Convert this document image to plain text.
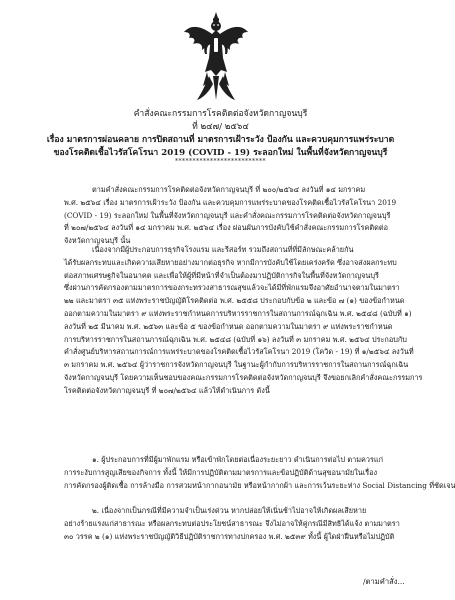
คำสั่งคณะกรรมการโรคติดต่อจังหวัดกาญจนบุรี
ที่ ๒๔๗/ ๒๕๖๔
เรื่อง มาตรการผ่อนคลาย การปิดสถานที่ มาตรการเฝ้าระวัง ป้องกัน และควบคุมการแพร่ระบาด
ของโรคติดเชื้อไวรัสโคโรนา 2019 (COVID - 19) ระลอกใหม่ ในพื้นที่จังหวัดกาญจนบุรี
**************************
ตามคำสั่งคณะกรรมการโรคติดต่อจังหวัดกาญจนบุรี ที่ ๒๐๐/๒๕๖๔ ลงวันที่ ๑๔ มกราคม
พ.ศ. ๒๕๖๔ เรื่อง มาตรการเฝ้าระวัง ป้องกัน และควบคุมการแพร่ระบาดของโรคติดเชื้อไวรัสโคโรนา 2019
(COVID - 19) ระลอกใหม่ ในพื้นที่จังหวัดกาญจนบุรี และคำสั่งคณะกรรมการโรคติดต่อจังหวัดกาญจนบุรี
ที่ ๒๐๗/๒๕๖๔ ลงวันที่ ๑๔ มกราคม พ.ศ. ๒๕๖๔ เรื่อง ผ่อนผันการบังคับใช้คำสั่งคณะกรรมการโรคติดต่อ
จังหวัดกาญจนบุรี นั้น
เนื่องจากมีผู้ประกอบการธุรกิจโรงแรม และรีสอร์ท รวมถึงสถานที่ที่มีลักษณะคล้ายกัน
ได้รับผลกระทบและเกิดความเสียหายอย่างมากต่อธุรกิจ หากมีการบังคับใช้โดยเคร่งครัด ซึ่งอาจส่งผลกระทบ
ต่อสภาพเศรษฐกิจในอนาคต และเพื่อให้ผู้ที่มีหน้าที่จำเป็นต้องมาปฏิบัติการกิจในพื้นที่จังหวัดกาญจนบุรี
ซึ่งผ่านการคัดกรองตามมาตรการของกระทรวงสาธารณสุขแล้วจะได้มีที่พักแรมจึงอาศัยอำนาจตามในมาตรา
๒๒ และมาตรา ๓๕ แห่งพระราชบัญญัติโรคติดต่อ พ.ศ. ๒๕๕๘ ประกอบกับข้อ ๒ และข้อ ๗ (๑) ของข้อกำหนด
ออกตามความในมาตรา ๙ แห่งพระราชกำหนดการบริหารราชการในสถานการณ์ฉุกเฉิน พ.ศ. ๒๕๔๘ (ฉบับที่ ๑)
ลงวันที่ ๒๕ มีนาคม พ.ศ. ๒๕๖๓ และข้อ ๕ ของข้อกำหนด ออกตามความในมาตรา ๙ แห่งพระราชกำหนด
การบริหารราชการในสถานการณ์ฉุกเฉิน พ.ศ. ๒๕๔๘ (ฉบับที่ ๑๖) ลงวันที่ ๓ มกราคม พ.ศ. ๒๕๖๔ ประกอบกับ
คำสั่งศูนย์บริหารสถานการณ์การแพร่ระบาดของโรคติดเชื้อไวรัสโคโรนา 2019 (โควิด - 19) ที่ ๑/๒๕๖๔ ลงวันที่
๓ มกราคม พ.ศ. ๒๕๖๔ ผู้ว่าราชการจังหวัดกาญจนบุรี ในฐานะผู้กำกับการบริหารราชการในสถานการณ์ฉุกเฉิน
จังหวัดกาญจนบุรี โดยความเห็นชอบของคณะกรรมการโรคติดต่อจังหวัดกาญจนบุรี จึงขอยกเลิกคำสั่งคณะกรรมการ
โรคติดต่อจังหวัดกาญจนบุรี ที่ ๒๐๗/๒๕๖๔ แล้วให้ดำเนินการ ดังนี้
๑. ผู้ประกอบการที่มีผู้มาพักแรม หรือเข้าพักโดยต่อเนื่องระยะยาว ดำเนินการต่อไป ตามควรแก่
การระงับการสูญเสียของกิจการ ทั้งนี้ ให้มีการปฏิบัติตามมาตรการและข้อปฏิบัติด้านสุขอนามัยในเรื่อง
การคัดกรองผู้ติดเชื้อ การล้างมือ การสวมหน้ากากอนามัย หรือหน้ากากผ้า และการเว้นระยะห่าง Social Distancing ที่ชัดเจน
๒. เนื่องจากเป็นกรณีที่มีความจำเป็นเร่งด่วน หากปล่อยให้เนิ่นช้าไปอาจให้เกิดผลเสียหาย
อย่างร้ายแรงแก่สาธารณะ หรือผลกระทบต่อประโยชน์สาธารณะ จึงไม่อาจให้คู่กรณีมีสิทธิได้แจ้ง ตามมาตรา
๓๐ วรรค ๒ (๑) แห่งพระราชบัญญัติวิธีปฏิบัติราชการทางปกครอง พ.ศ. ๒๕๓๙ ทั้งนี้ ผู้ใดฝ่าฝืนหรือไม่ปฏิบัติ
/ตามคำสั่ง...
